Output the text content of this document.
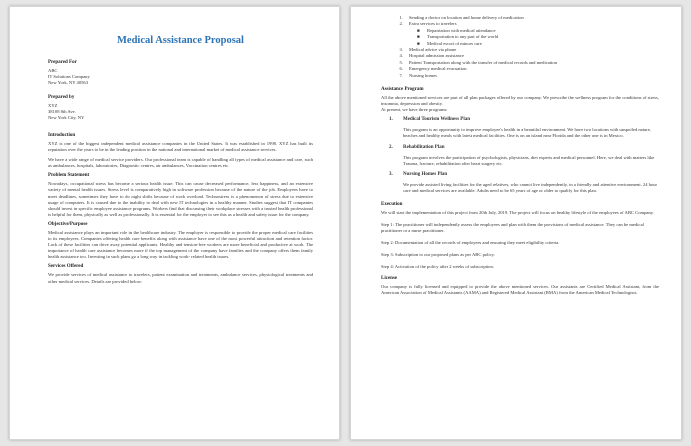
Medical Assistance Proposal
Prepared For
ABC
IT Solutions Company
New York, NY 40563
Prepared by
XYZ
38108 8th Ave.
New York City, NY
Introduction

XYZ is one of the biggest independent medical assistance companies in the United States. It was established in 1998. XYZ has built its reputation over the years to be in the leading position in the national and international market of medical assistance services.

We have a wide range of medical service providers. Our professional team is capable of handling all types of medical assistance and care, such as ambulances, hospitals, laboratories, Diagnostic centres, air ambulances, Vaccination centres etc.

Problem Statement

Nowadays, occupational stress has become a serious health issue. This can cause decreased performance, less happiness, and an extensive variety of mental health issues. Stress level is comparatively high in software profession because of the nature of the job. Employees have to meet deadlines, sometimes they have to do night shifts because of work overload. Technostress is a phenomenon of stress due to extensive usage of computers. It is caused due to the inability to deal with new IT technologies in a healthy manner. Studies suggest that IT companies should invest in specific employee assistance programs. Workers find that discussing their workplace stresses with a trusted health professional is helpful for them, physically as well as professionally. It is essential for the employer to see this as a health and safety issue for the company.

Objective/Purpose

Medical assistance plays an important role in the healthcare industry. The employer is responsible to provide the proper medical care facilities to its employees. Companies offering health care benefits along with assistance have one of the most powerful attraction and retention factor. Lack of these facilities can drive away potential applicants. Healthy and tension-free workers are more beneficial and productive at work. The importance of health care assistance becomes more if the top management of the company have families and the company offers them family health assistance too. Investing in such plans go a long way in tackling work- related health issues.

Services Offered

We provide services of medical assistance to travelers, patient examination and treatments, ambulance services, physiological treatments and other medical services. Details are provided below:

1.	Sending a doctor on location and home delivery of medication
2.	Extra services to travelers
■	Repatriation with medical attendance
■	Transportation to any part of the world
■	Medical escort of minors care
3.	Medical advice via phone
4.	Hospital admission assistance
5.	Patient Transportation along with the transfer of medical records and medication
6.	Emergency medical evacuation
7.	Nursing homes
Assistance Program

All the above mentioned services are part of all plan packages offered by our company. We prescribe the wellness program for the conditions of stress, insomnia, depression and obesity.

At present, we have three programs:

1.	Medical Tourism Wellness Plan

This program is an opportunity to improve employee's health in a beautiful environment. We have two locations with unspoiled nature, beaches and healthy meals with latest medical facilities. One is on an island near Florida and the other one is in Mexico.

2.	Rehabilitation Plan

This program involves the participation of psychologists, physicians, diet experts and medical personnel. Here, we deal with matters like Trauma, fracture, rehabilitation after heart surgery etc.

3.	Nursing Homes Plan

We provide assisted living facilities for the aged relatives, who cannot live independently, in a friendly and attentive environment. 24 hour care and medical services are available. Adults need to be 65 years of age or older to qualify for this plan.

Execution

We will start the implementation of this project from 20th July, 2019. The project will focus on healthy lifestyle of the employees of ABC Company.

Step 1: The practitioner will independently assess the employees and plan with them the provisions of medical assistance. They can be medical practitioner or a nurse practitioner.

Step 2: Documentation of all the records of employees and ensuring they meet eligibility criteria.

Step 3: Subscription to our proposed plans as per ABC policy.

Step 4: Activation of the policy after 2 weeks of subscription.

License

Our company is fully licensed and equipped to provide the above mentioned services. Our assistants are Certified Medical Assistant, from the American Association of Medical Assistants (AAMA) and Registered Medical Assistant (RMA) from the American Medical Technologists.
